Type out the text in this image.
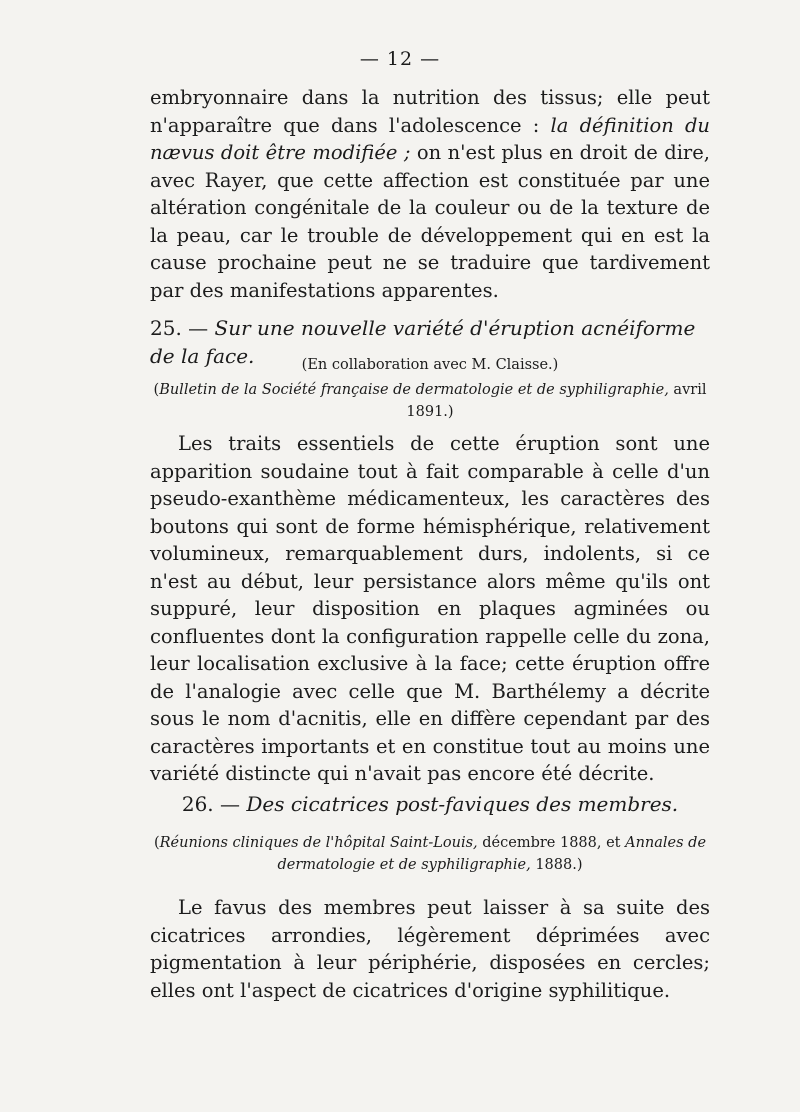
— 12 —

embryonnaire dans la nutrition des tissus; elle peut n'apparaître que dans l'adolescence : la définition du nævus doit être modifiée ; on n'est plus en droit de dire, avec Rayer, que cette affection est constituée par une altération congénitale de la couleur ou de la texture de la peau, car le trouble de développement qui en est la cause prochaine peut ne se traduire que tardivement par des manifestations apparentes.

25. — Sur une nouvelle variété d'éruption acnéiforme de la face.	(En collaboration avec M. Claisse.)

(Bulletin de la Société française de dermatologie et de syphiligraphie, avril 1891.)

Les traits essentiels de cette éruption sont une apparition soudaine tout à fait comparable à celle d'un pseudo-exanthème médicamenteux, les caractères des boutons qui sont de forme hémisphérique, relativement volumineux, remarquablement durs, indolents, si ce n'est au début, leur persistance alors même qu'ils ont suppuré, leur disposition en plaques agminées ou confluentes dont la configuration rappelle celle du zona, leur localisation exclusive à la face; cette éruption offre de l'analogie avec celle que M. Barthélemy a décrite sous le nom d'acnitis, elle en diffère cependant par des caractères importants et en constitue tout au moins une variété distincte qui n'avait pas encore été décrite.

26. — Des cicatrices post-faviques des membres.

(Réunions cliniques de l'hôpital Saint-Louis, décembre 1888, et Annales de dermatologie et de syphiligraphie, 1888.)

Le favus des membres peut laisser à sa suite des cicatrices arrondies, légèrement déprimées avec pigmentation à leur périphérie, disposées en cercles; elles ont l'aspect de cicatrices d'origine syphilitique.
